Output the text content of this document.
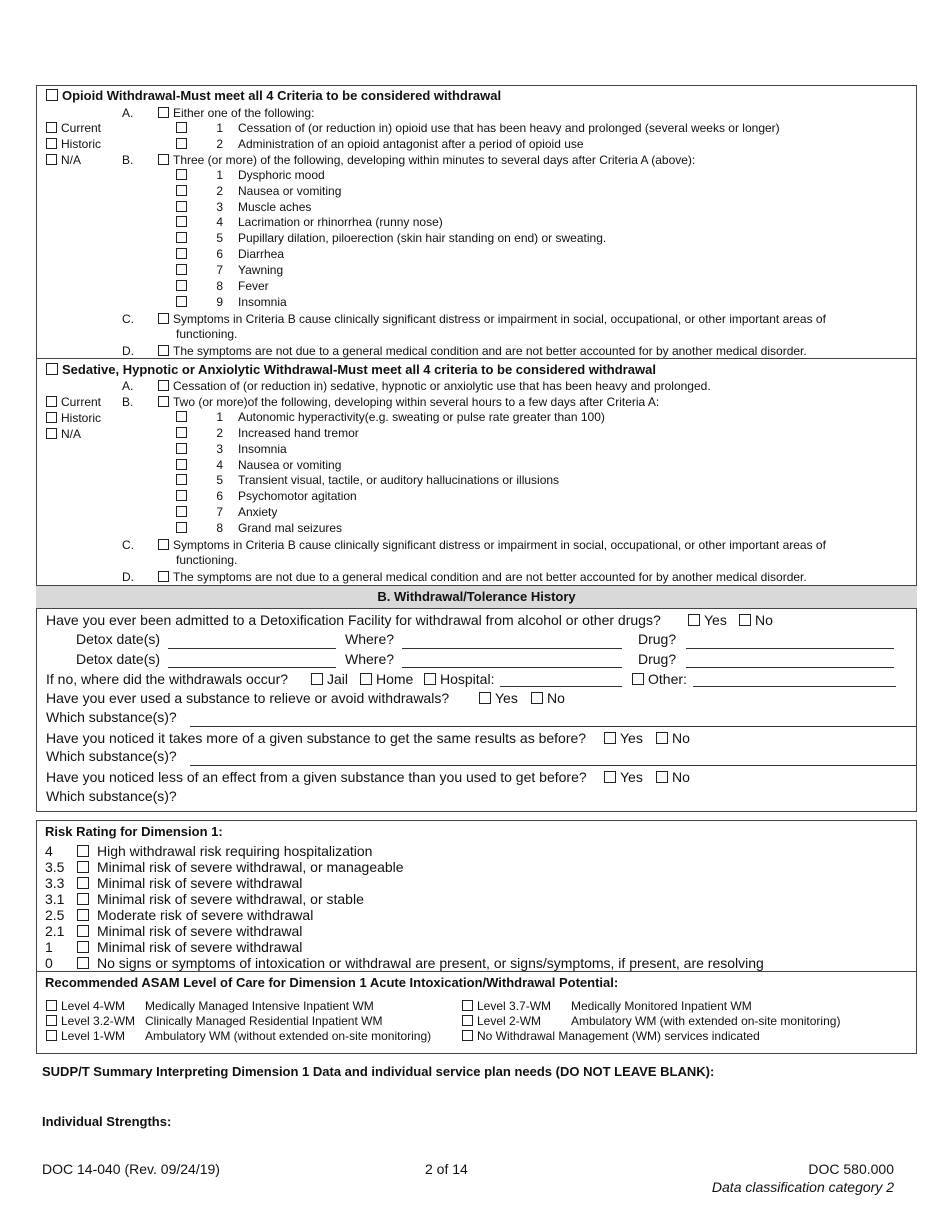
Opioid Withdrawal-Must meet all 4 Criteria to be considered withdrawal
A.	Either one of the following:
Current
Historic
N/A
1 Cessation of (or reduction in) opioid use that has been heavy and prolonged (several weeks or longer)
2 Administration of an opioid antagonist after a period of opioid use
B.	Three (or more) of the following, developing within minutes to several days after Criteria A (above):
1 Dysphoric mood
2 Nausea or vomiting
3 Muscle aches
4 Lacrimation or rhinorrhea (runny nose)
5 Pupillary dilation, piloerection (skin hair standing on end) or sweating.
6 Diarrhea
7 Yawning
8 Fever
9 Insomnia
C.	Symptoms in Criteria B cause clinically significant distress or impairment in social, occupational, or other important areas of
functioning.
D.	The symptoms are not due to a general medical condition and are not better accounted for by another medical disorder.
Sedative, Hypnotic or Anxiolytic Withdrawal-Must meet all 4 criteria to be considered withdrawal
A.	Cessation of (or reduction in) sedative, hypnotic or anxiolytic use that has been heavy and prolonged.
Current
Historic
N/A
B.	Two (or more)of the following, developing within several hours to a few days after Criteria A:
1 Autonomic hyperactivity(e.g. sweating or pulse rate greater than 100)
2 Increased hand tremor
3 Insomnia
4 Nausea or vomiting
5 Transient visual, tactile, or auditory hallucinations or illusions
6 Psychomotor agitation
7 Anxiety
8 Grand mal seizures
C.	Symptoms in Criteria B cause clinically significant distress or impairment in social, occupational, or other important areas of
functioning.
D.	The symptoms are not due to a general medical condition and are not better accounted for by another medical disorder.
B. Withdrawal/Tolerance History
Have you ever been admitted to a Detoxification Facility for withdrawal from alcohol or other drugs?	Yes	No
Detox date(s)	Where?	Drug?
Detox date(s)	Where?	Drug?
If no, where did the withdrawals occur?	Jail	Home	Hospital:	Other:
Have you ever used a substance to relieve or avoid withdrawals?	Yes	No
Which substance(s)?
Have you noticed it takes more of a given substance to get the same results as before?	Yes	No
Which substance(s)?
Have you noticed less of an effect from a given substance than you used to get before?	Yes	No
Which substance(s)?
Risk Rating for Dimension 1:
4	High withdrawal risk requiring hospitalization
3.5 Minimal risk of severe withdrawal, or manageable
3.3 Minimal risk of severe withdrawal
3.1 Minimal risk of severe withdrawal, or stable
2.5 Moderate risk of severe withdrawal
2.1 Minimal risk of severe withdrawal
1	Minimal risk of severe withdrawal
0	No signs or symptoms of intoxication or withdrawal are present, or signs/symptoms, if present, are resolving
Recommended ASAM Level of Care for Dimension 1 Acute Intoxication/Withdrawal Potential:
Level 4-WM Medically Managed Intensive Inpatient WM
Level 3.2-WM Clinically Managed Residential Inpatient WM
Level 1-WM Ambulatory WM (without extended on-site monitoring)
Level 3.7-WM Medically Monitored Inpatient WM
Level 2-WM Ambulatory WM (with extended on-site monitoring)
No Withdrawal Management (WM) services indicated
SUDP/T Summary Interpreting Dimension 1 Data and individual service plan needs (DO NOT LEAVE BLANK):
Individual Strengths:
DOC 14-040 (Rev. 09/24/19)	2 of 14	DOC 580.000
Data classification category 2
